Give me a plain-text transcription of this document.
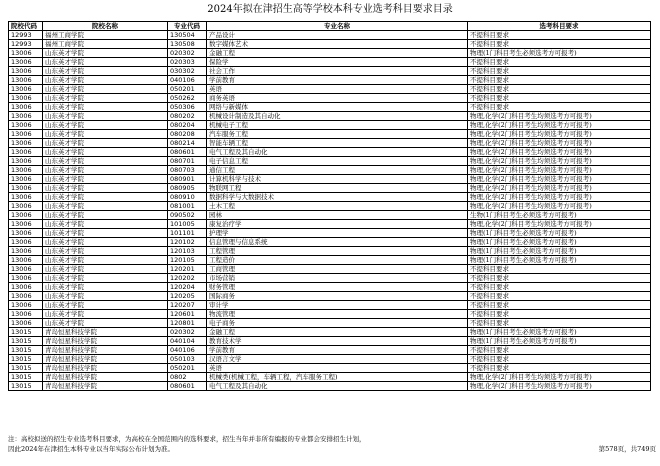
2024年拟在津招生高等学校本科专业选考科目要求目录
院校代码	院校名称	专业代码	专业名称	选考科目要求
12993	福州工商学院	130504	产品设计	不提科目要求
12993	福州工商学院	130508	数字媒体艺术	不提科目要求
13006	山东英才学院	020302	金融工程	物理(1门科目考生必须选考方可报考)
13006	山东英才学院	020303	保险学	不提科目要求
13006	山东英才学院	030302	社会工作	不提科目要求
13006	山东英才学院	040106	学前教育	不提科目要求
13006	山东英才学院	050201	英语	不提科目要求
13006	山东英才学院	050262	商务英语	不提科目要求
13006	山东英才学院	050306	网络与新媒体	不提科目要求
13006	山东英才学院	080202	机械设计制造及其自动化	物理,化学(2门科目考生均须选考方可报考)
13006	山东英才学院	080204	机械电子工程	物理,化学(2门科目考生均须选考方可报考)
13006	山东英才学院	080208	汽车服务工程	物理,化学(2门科目考生均须选考方可报考)
13006	山东英才学院	080214	智能车辆工程	物理,化学(2门科目考生均须选考方可报考)
13006	山东英才学院	080601	电气工程及其自动化	物理,化学(2门科目考生均须选考方可报考)
13006	山东英才学院	080701	电子信息工程	物理,化学(2门科目考生均须选考方可报考)
13006	山东英才学院	080703	通信工程	物理,化学(2门科目考生均须选考方可报考)
13006	山东英才学院	080901	计算机科学与技术	物理,化学(2门科目考生均须选考方可报考)
13006	山东英才学院	080905	物联网工程	物理,化学(2门科目考生均须选考方可报考)
13006	山东英才学院	080910	数据科学与大数据技术	物理,化学(2门科目考生均须选考方可报考)
13006	山东英才学院	081001	土木工程	物理,化学(2门科目考生均须选考方可报考)
13006	山东英才学院	090502	园林	生物(1门科目考生必须选考方可报考)
13006	山东英才学院	101005	康复治疗学	物理,化学(2门科目考生均须选考方可报考)
13006	山东英才学院	101101	护理学	物理(1门科目考生必须选考方可报考)
13006	山东英才学院	120102	信息管理与信息系统	物理(1门科目考生必须选考方可报考)
13006	山东英才学院	120103	工程管理	物理(1门科目考生必须选考方可报考)
13006	山东英才学院	120105	工程造价	物理(1门科目考生必须选考方可报考)
13006	山东英才学院	120201	工商管理	不提科目要求
13006	山东英才学院	120202	市场营销	不提科目要求
13006	山东英才学院	120204	财务管理	不提科目要求
13006	山东英才学院	120205	国际商务	不提科目要求
13006	山东英才学院	120207	审计学	不提科目要求
13006	山东英才学院	120601	物流管理	不提科目要求
13006	山东英才学院	120801	电子商务	不提科目要求
13015	青岛恒星科技学院	020302	金融工程	物理(1门科目考生必须选考方可报考)
13015	青岛恒星科技学院	040104	教育技术学	物理(1门科目考生必须选考方可报考)
13015	青岛恒星科技学院	040106	学前教育	不提科目要求
13015	青岛恒星科技学院	050103	汉语言文学	不提科目要求
13015	青岛恒星科技学院	050201	英语	不提科目要求
13015	青岛恒星科技学院	0802	机械类(机械工程，车辆工程，汽车服务工程)	物理,化学(2门科目考生均须选考方可报考)
13015	青岛恒星科技学院	080601	电气工程及其自动化	物理,化学(2门科目考生均须选考方可报考)
注：高校拟送的招生专业选考科目要求，为高校在全国范围内的选科要求，招生当年并非所有编报的专业都会安排招生计划，
因此2024年在津招生本科专业以当年实际公布计划为准。	第578页，共749页
